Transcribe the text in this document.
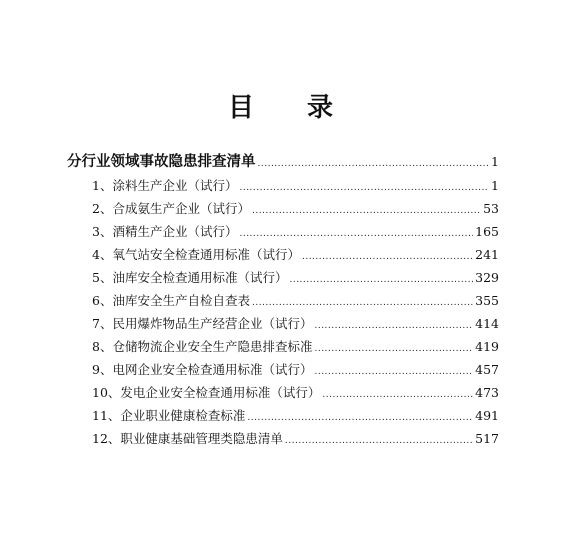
目 录
分行业领域事故隐患排查清单 .....	1
1、涂料生产企业（试行） .....	1
2、合成氨生产企业（试行） .....	53
3、酒精生产企业（试行） .....	165
4、氧气站安全检查通用标准（试行） .....	241
5、油库安全检查通用标准（试行） .....	329
6、油库安全生产自检自查表 .....	355
7、民用爆炸物品生产经营企业（试行） .....	414
8、仓储物流企业安全生产隐患排查标准 .....	419
9、电网企业安全检查通用标准（试行） .....	457
10、发电企业安全检查通用标准（试行） .....	473
11、企业职业健康检查标准 .....	491
12、职业健康基础管理类隐患清单 .....	517
